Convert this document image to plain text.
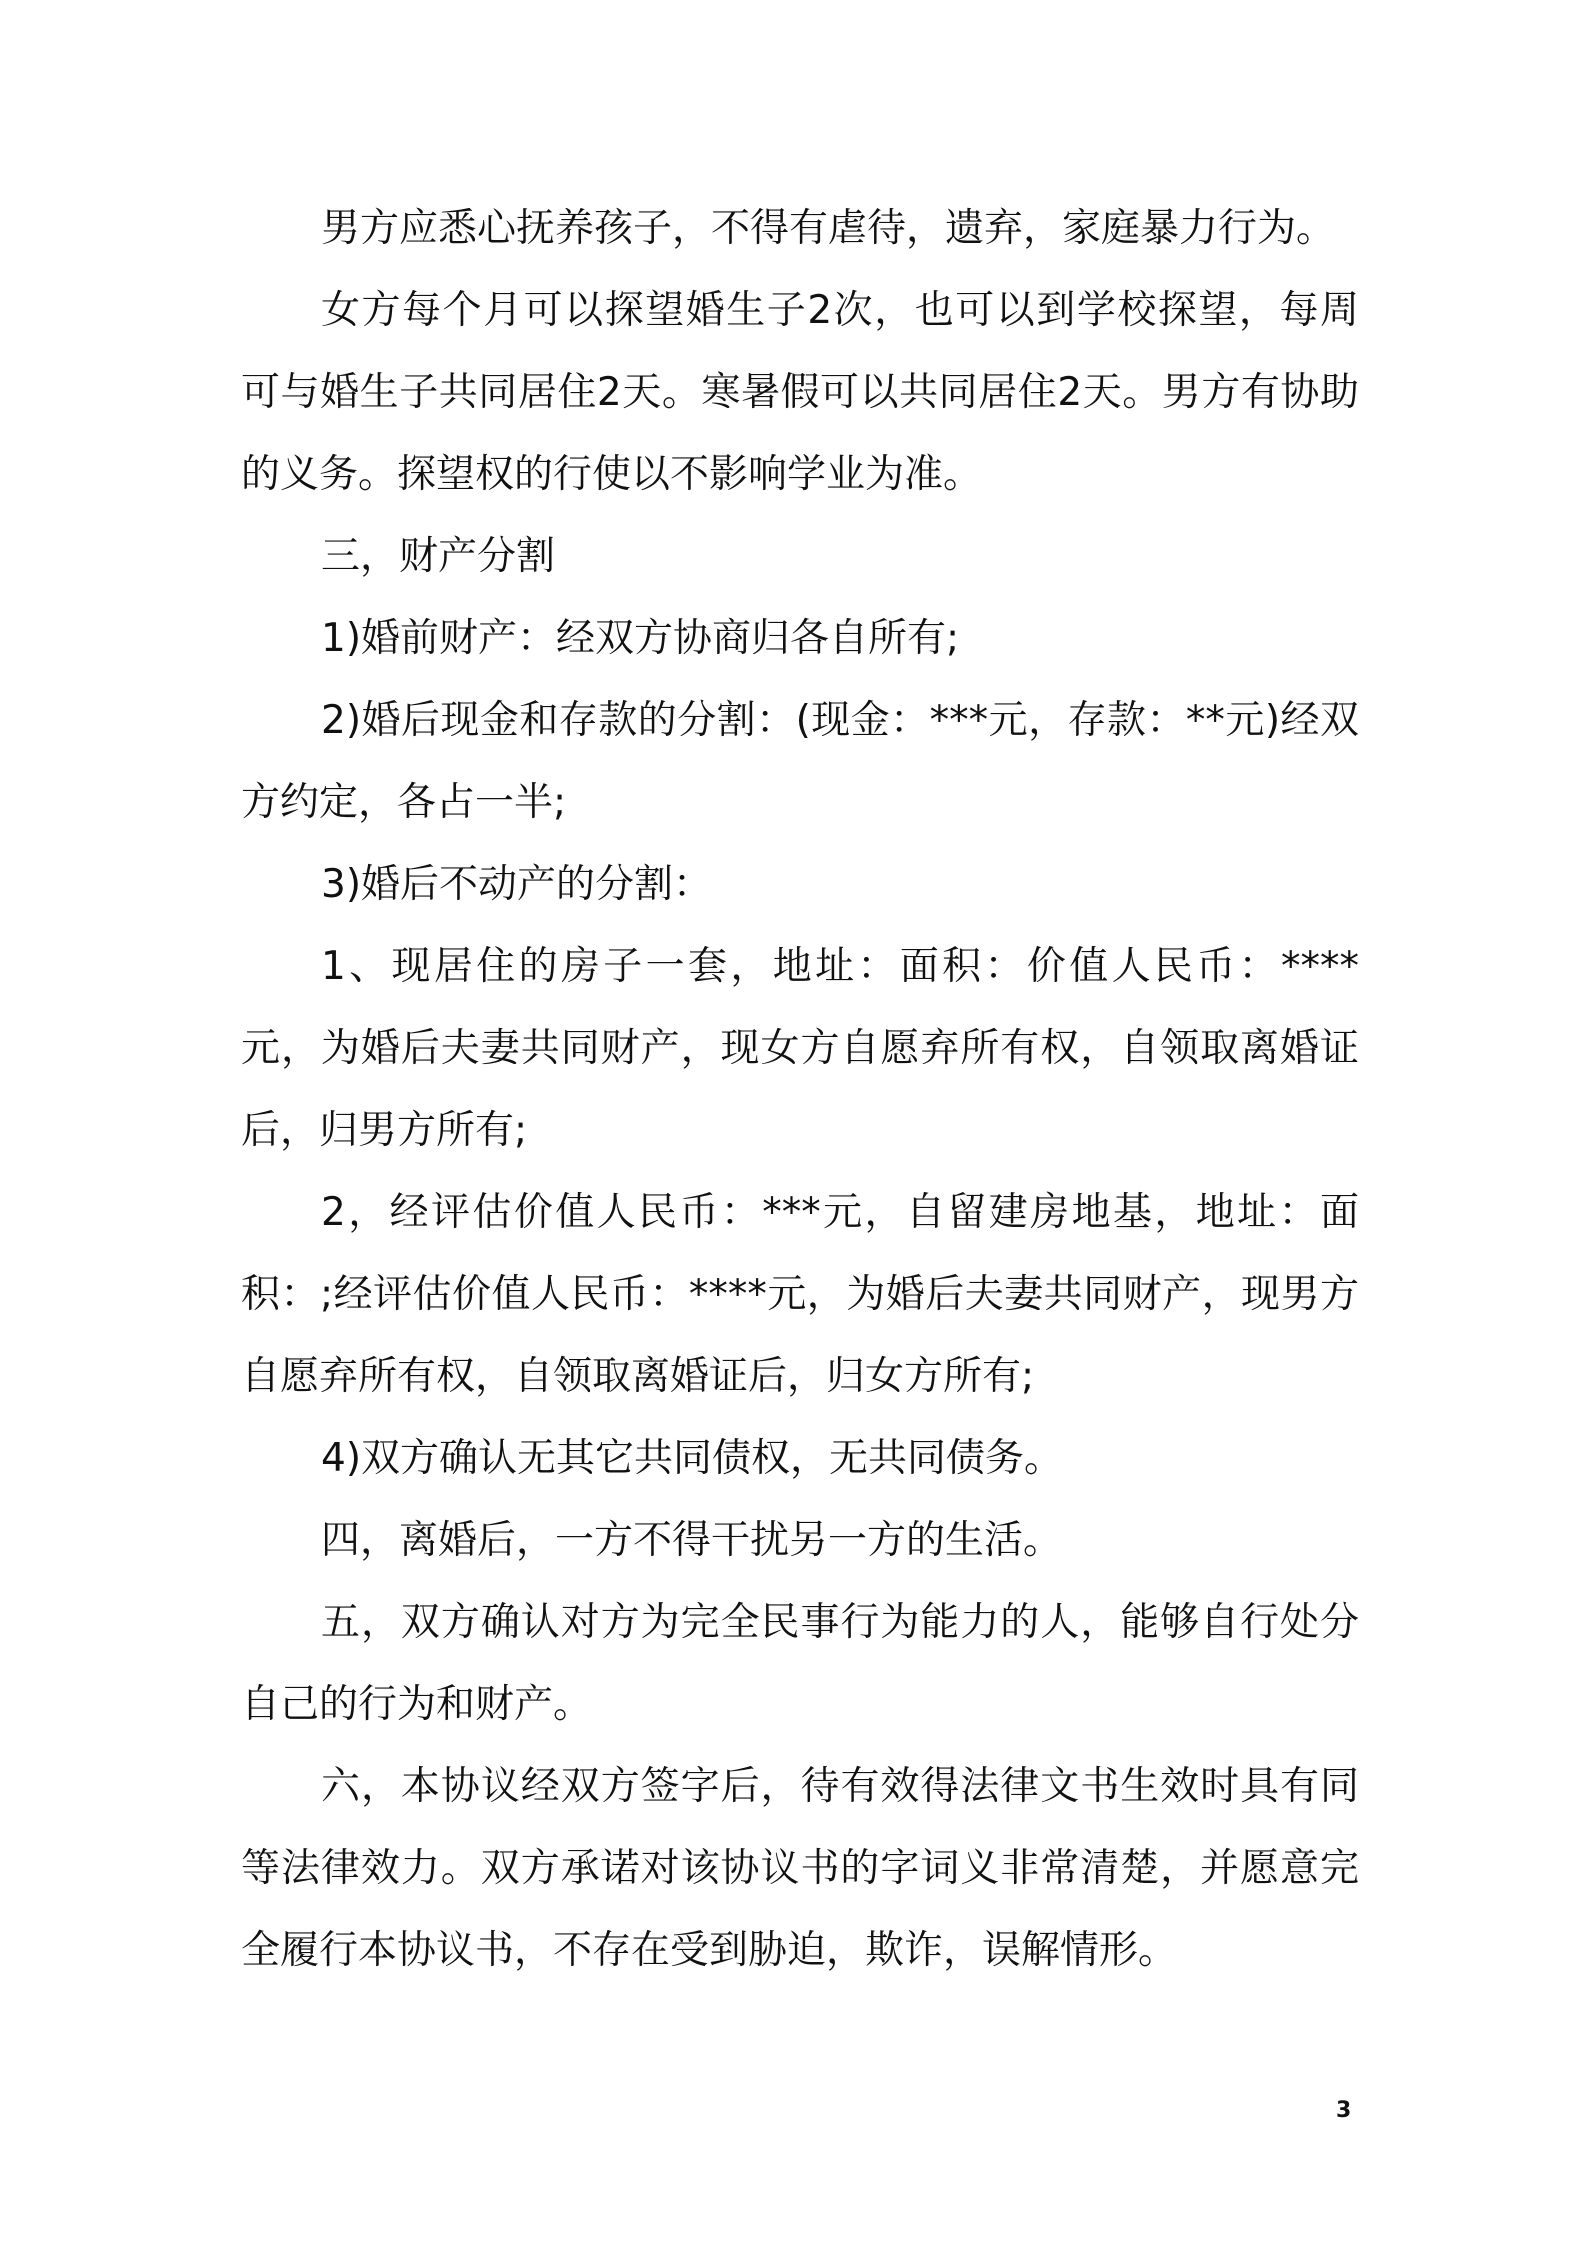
男方应悉心抚养孩子，不得有虐待，遗弃，家庭暴力行为。

女方每个月可以探望婚生子2次，也可以到学校探望，每周可与婚生子共同居住2天。寒暑假可以共同居住2天。男方有协助的义务。探望权的行使以不影响学业为准。

三，财产分割

1)婚前财产：经双方协商归各自所有;

2)婚后现金和存款的分割：(现金：***元，存款：**元)经双方约定，各占一半;

3)婚后不动产的分割：

1、现居住的房子一套，地址：面积：价值人民币：****元，为婚后夫妻共同财产，现女方自愿弃所有权，自领取离婚证后，归男方所有;

2，经评估价值人民币：***元，自留建房地基，地址：面积：;经评估价值人民币：****元，为婚后夫妻共同财产，现男方自愿弃所有权，自领取离婚证后，归女方所有;

4)双方确认无其它共同债权，无共同债务。

四，离婚后，一方不得干扰另一方的生活。

五，双方确认对方为完全民事行为能力的人，能够自行处分自己的行为和财产。

六，本协议经双方签字后，待有效得法律文书生效时具有同等法律效力。双方承诺对该协议书的字词义非常清楚，并愿意完全履行本协议书，不存在受到胁迫，欺诈，误解情形。

3
